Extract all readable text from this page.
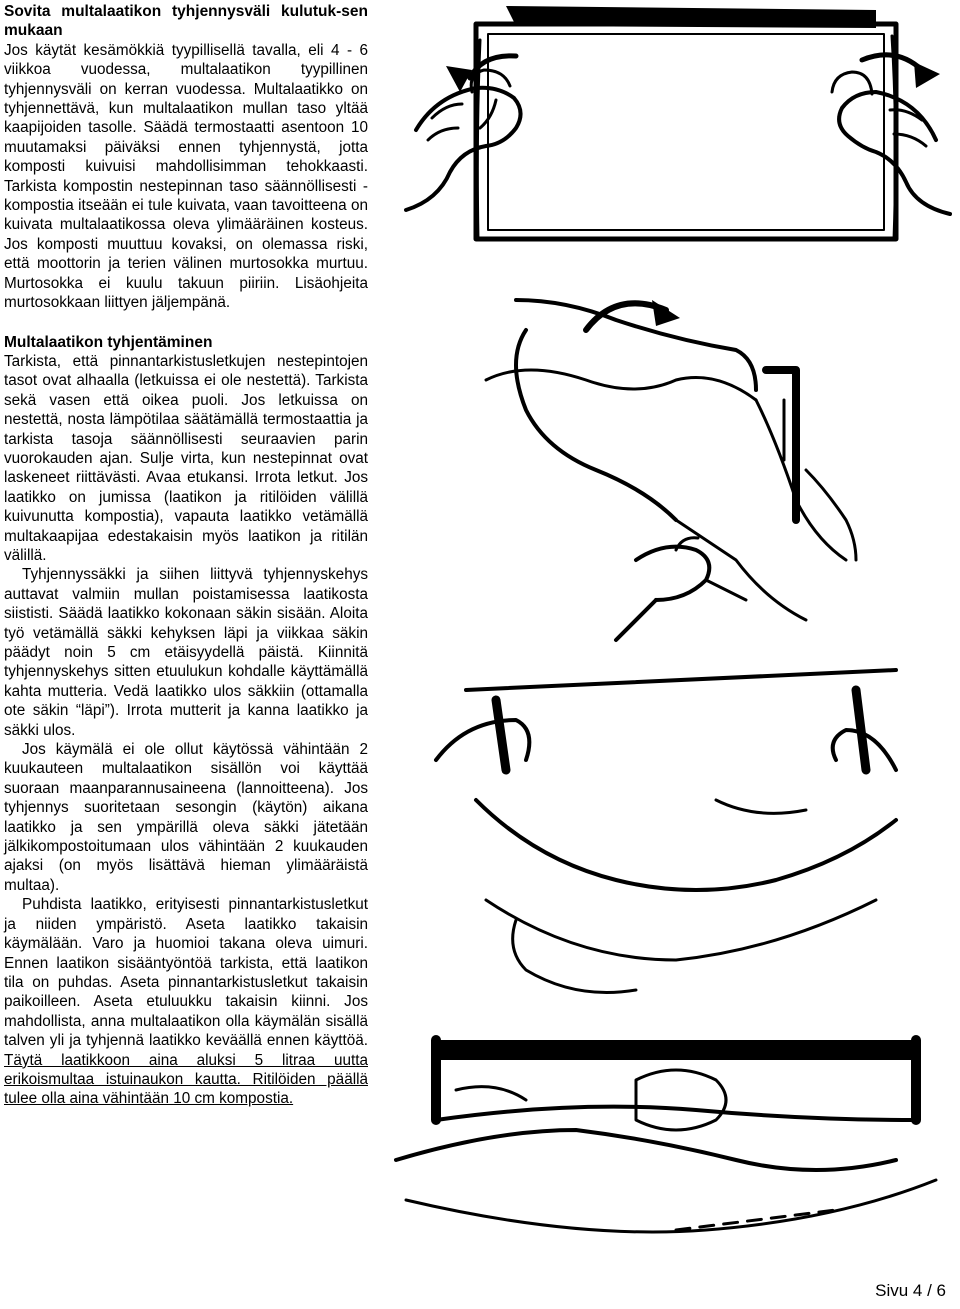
Sovita multalaatikon tyhjennysväli kulutuk-sen mukaan

Jos käytät kesämökkiä tyypillisellä tavalla, eli 4 - 6 viikkoa vuodessa, multalaatikon tyypillinen tyhjennysväli on kerran vuodessa. Multalaatikko on tyhjennettävä, kun multalaatikon mullan taso yltää kaapijoiden tasolle. Säädä termostaatti asentoon 10 muutamaksi päiväksi ennen tyhjennystä, jotta komposti kuivuisi mahdollisimman tehokkaasti. Tarkista kompostin nestepinnan taso säännöllisesti - kompostia itseään ei tule kuivata, vaan tavoitteena on kuivata multalaatikossa oleva ylimääräinen kosteus. Jos komposti muuttuu kovaksi, on olemassa riski, että moottorin ja terien välinen murtosokka murtuu. Murtosokka ei kuulu takuun piiriin. Lisäohjeita murtosokkaan liittyen jäljempänä.

Multalaatikon tyhjentäminen

Tarkista, että pinnantarkistusletkujen nestepintojen tasot ovat alhaalla (letkuissa ei ole nestettä). Tarkista sekä vasen että oikea puoli. Jos letkuissa on nestettä, nosta lämpötilaa säätämällä termostaattia ja tarkista tasoja säännöllisesti seuraavien parin vuorokauden ajan. Sulje virta, kun nestepinnat ovat laskeneet riittävästi. Avaa etukansi. Irrota letkut. Jos laatikko on jumissa (laatikon ja ritilöiden välillä kuivunutta kompostia), vapauta laatikko vetämällä multakaapijaa edestakaisin myös laatikon ja ritilän välillä.

Tyhjennyssäkki ja siihen liittyvä tyhjennyskehys auttavat valmiin mullan poistamisessa laatikosta siististi. Säädä laatikko kokonaan säkin sisään. Aloita työ vetämällä säkki kehyksen läpi ja viikkaa säkin päädyt noin 5 cm etäisyydellä päistä. Kiinnitä tyhjennyskehys sitten etuulukun kohdalle käyttämällä kahta mutteria. Vedä laatikko ulos säkkiin (ottamalla ote säkin “läpi”). Irrota mutterit ja kanna laatikko ja säkki ulos.

Jos käymälä ei ole ollut käytössä vähintään 2 kuukauteen multalaatikon sisällön voi käyttää suoraan maanparannusaineena (lannoitteena). Jos tyhjennys suoritetaan sesongin (käytön) aikana laatikko ja sen ympärillä oleva säkki jätetään jälkikompostoitumaan ulos vähintään 2 kuukauden ajaksi (on myös lisättävä hieman ylimääräistä multaa).

Puhdista laatikko, erityisesti pinnantarkistusletkut ja niiden ympäristö. Aseta laatikko takaisin käymälään. Varo ja huomioi takana oleva uimuri. Ennen laatikon sisääntyöntöä tarkista, että laatikon tila on puhdas. Aseta pinnantarkistusletkut takaisin paikoilleen. Aseta etuluukku takaisin kiinni. Jos mahdollista, anna multalaatikon olla käymälän sisällä talven yli ja tyhjennä laatikko keväällä ennen käyttöä. Täytä laatikkoon aina aluksi 5 litraa uutta erikoismultaa istuinaukon kautta. Ritilöiden päällä tulee olla aina vähintään 10 cm kompostia.

Sivu 4 / 6
